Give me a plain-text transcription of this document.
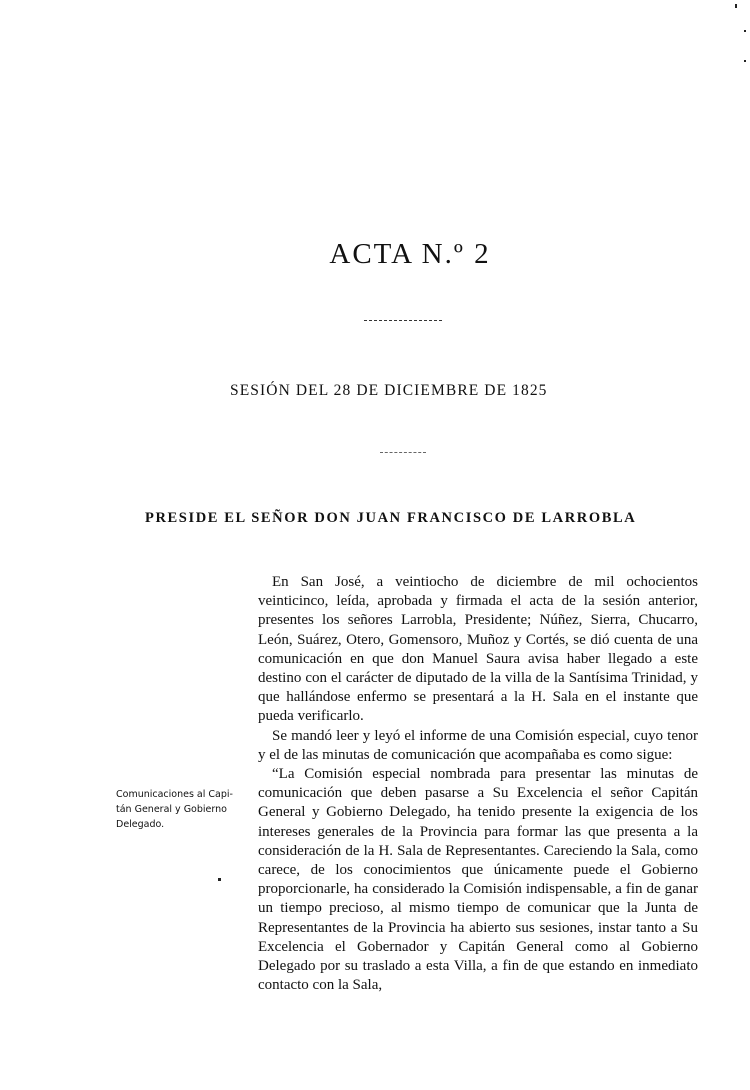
ACTA N.º 2
SESIÓN DEL 28 DE DICIEMBRE DE 1825
PRESIDE EL SEÑOR DON JUAN FRANCISCO DE LARROBLA
Comunicaciones al Capi-
tán General y Gobierno
Delegado.

En San José, a veintiocho de diciembre de mil ochocientos veinticinco, leída, aprobada y firmada el acta de la sesión anterior, presentes los señores Larrobla, Presidente; Núñez, Sierra, Chucarro, León, Suárez, Otero, Gomensoro, Muñoz y Cortés, se dió cuenta de una comunicación en que don Manuel Saura avisa haber llegado a este destino con el carácter de diputado de la villa de la Santísima Trinidad, y que hallándose enfermo se presentará a la H. Sala en el instante que pueda verificarlo.

Se mandó leer y leyó el informe de una Comisión especial, cuyo tenor y el de las minutas de comunicación que acompañaba es como sigue:

“La Comisión especial nombrada para presentar las minutas de comunicación que deben pasarse a Su Excelencia el señor Capitán General y Gobierno Delegado, ha tenido presente la exigencia de los intereses generales de la Provincia para formar las que presenta a la consideración de la H. Sala de Representantes. Careciendo la Sala, como carece, de los conocimientos que únicamente puede el Gobierno proporcionarle, ha considerado la Comisión indispensable, a fin de ganar un tiempo precioso, al mismo tiempo de comunicar que la Junta de Representantes de la Provincia ha abierto sus sesiones, instar tanto a Su Excelencia el Gobernador y Capitán General como al Gobierno Delegado por su traslado a esta Villa, a fin de que estando en inmediato contacto con la Sala,
